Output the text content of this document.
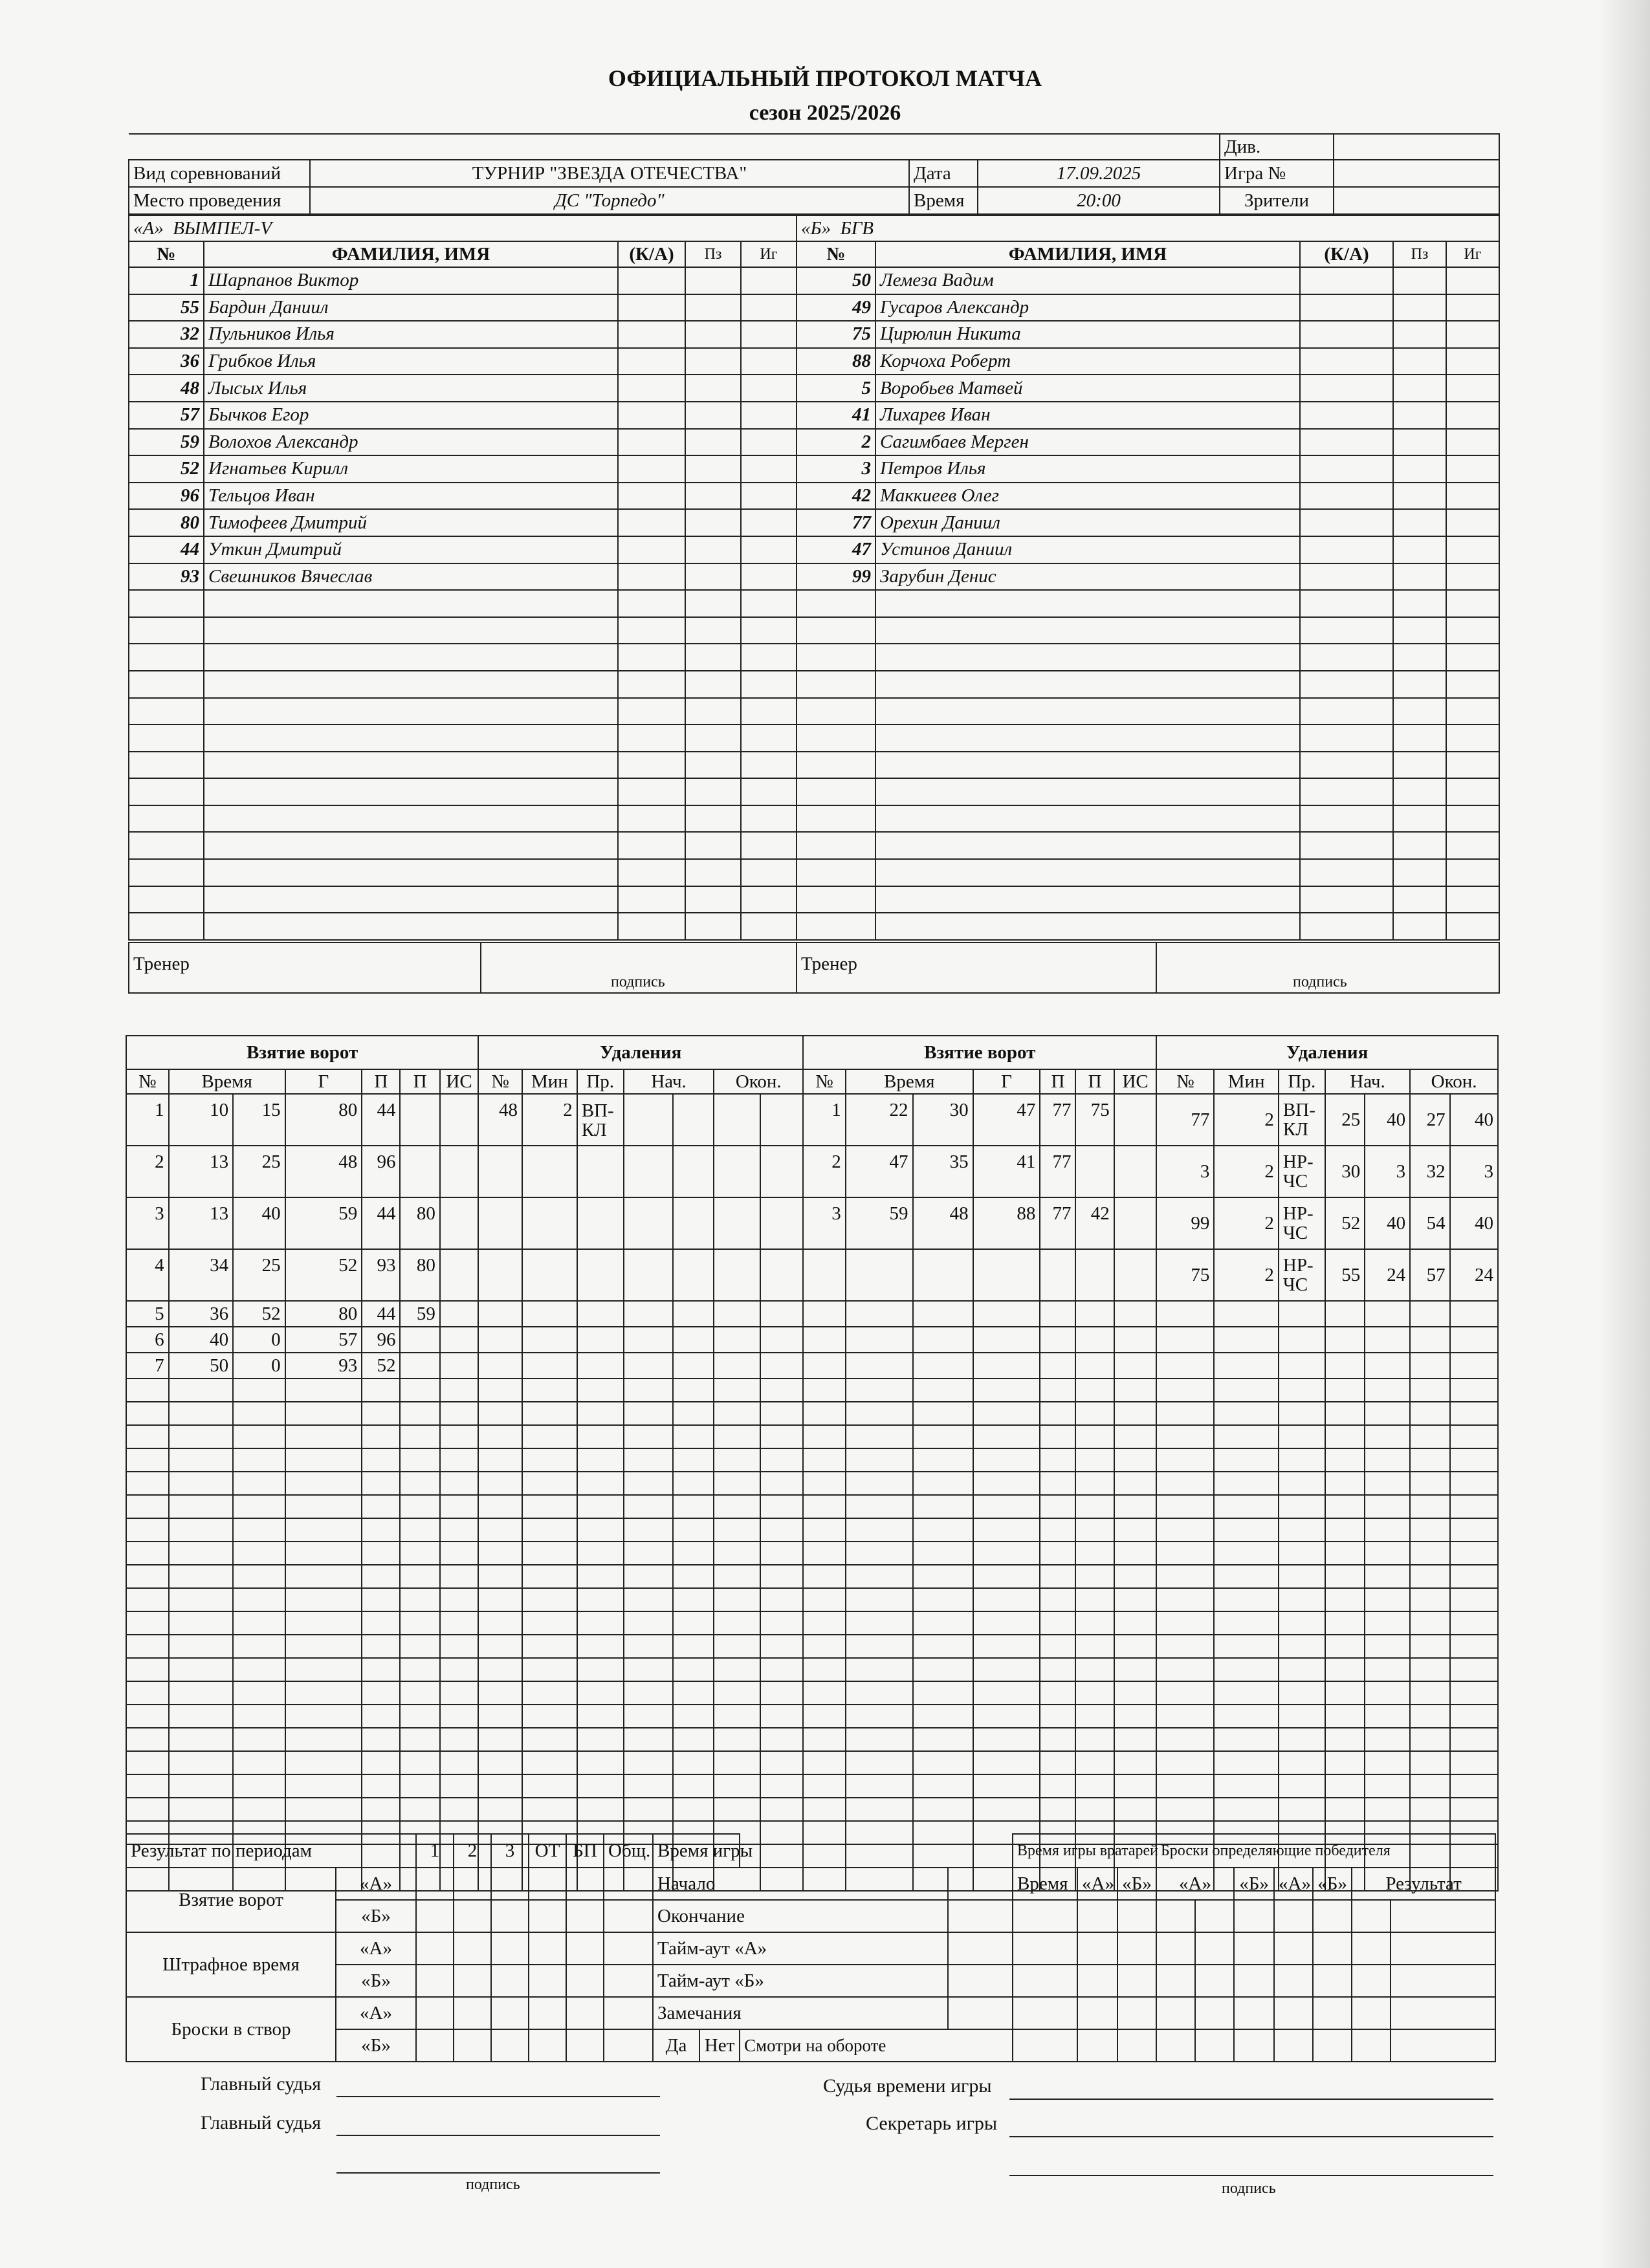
ОФИЦИАЛЬНЫЙ ПРОТОКОЛ МАТЧА
сезон 2025/2026
				Див.	
Вид соревнований	ТУРНИР "ЗВЕЗДА ОТЕЧЕСТВА"	Дата	17.09.2025	Игра №	
Место проведения	ДС "Торпедо"	Время	20:00	Зрители	
«А» ВЫМПЕЛ-V				
№	ФАМИЛИЯ, ИМЯ	(К/А)	Пз	Иг
1	Шарпанов Виктор			
55	Бардин Даниил			
32	Пульников Илья			
36	Грибков Илья			
48	Лысых Илья			
57	Бычков Егор			
59	Волохов Александр			
52	Игнатьев Кирилл			
96	Тельцов Иван			
80	Тимофеев Дмитрий			
44	Уткин Дмитрий			
93	Свешников Вячеслав			

«Б» БГВ				
№	ФАМИЛИЯ, ИМЯ	(К/А)	Пз	Иг
50	Лемеза Вадим			
49	Гусаров Александр			
75	Цирюлин Никита			
88	Корчоха Роберт			
5	Воробьев Матвей			
41	Лихарев Иван			
2	Сагимбаев Мерген			
3	Петров Илья			
42	Маккиеев Олег			
77	Орехин Даниил			
47	Устинов Даниил			
99	Зарубин Денис			

Тренер	подпись	Тренер	подпись
Взятие ворот							Удаления							Взятие ворот							Удаления						
№	Время		Г	П	П	ИС	№	Мин	Пр.	Нач.		Окон.		№	Время		Г	П	П	ИС	№	Мин	Пр.	Нач.		Окон.	
1	10	15	80	44			48	2	ВП-КЛ					1	22	30	47	77	75		77	2	ВП-КЛ	25	40	27	40
2	13	25	48	96										2	47	35	41	77			3	2	НР-ЧС	30	3	32	3
3	13	40	59	44	80									3	59	48	88	77	42		99	2	НР-ЧС	52	40	54	40
4	34	25	52	93	80																75	2	НР-ЧС	55	24	57	24
5	36	52	80	44	59																						
6	40	0	57	96																							
7	50	0	93	52																							

Результат по периодам		1	2	3	ОТ	БП	Общ.	Время игры			
Взятие ворот	«А»							Начало			
	«Б»							Окончание			
Штрафное время	«А»							Тайм-аут «А»			
	«Б»							Тайм-аут «Б»			
Броски в створ	«А»							Замечания			
	«Б»							Да	Нет	Смотри на обороте	
Время игры вратарей			Броски определяющие победителя						
Время	«А»	«Б»	«А»		«Б»	«А»	«Б»	Результат	

Главный судья
Главный судья
подпись
Судья времени игры
Секретарь игры
подпись
